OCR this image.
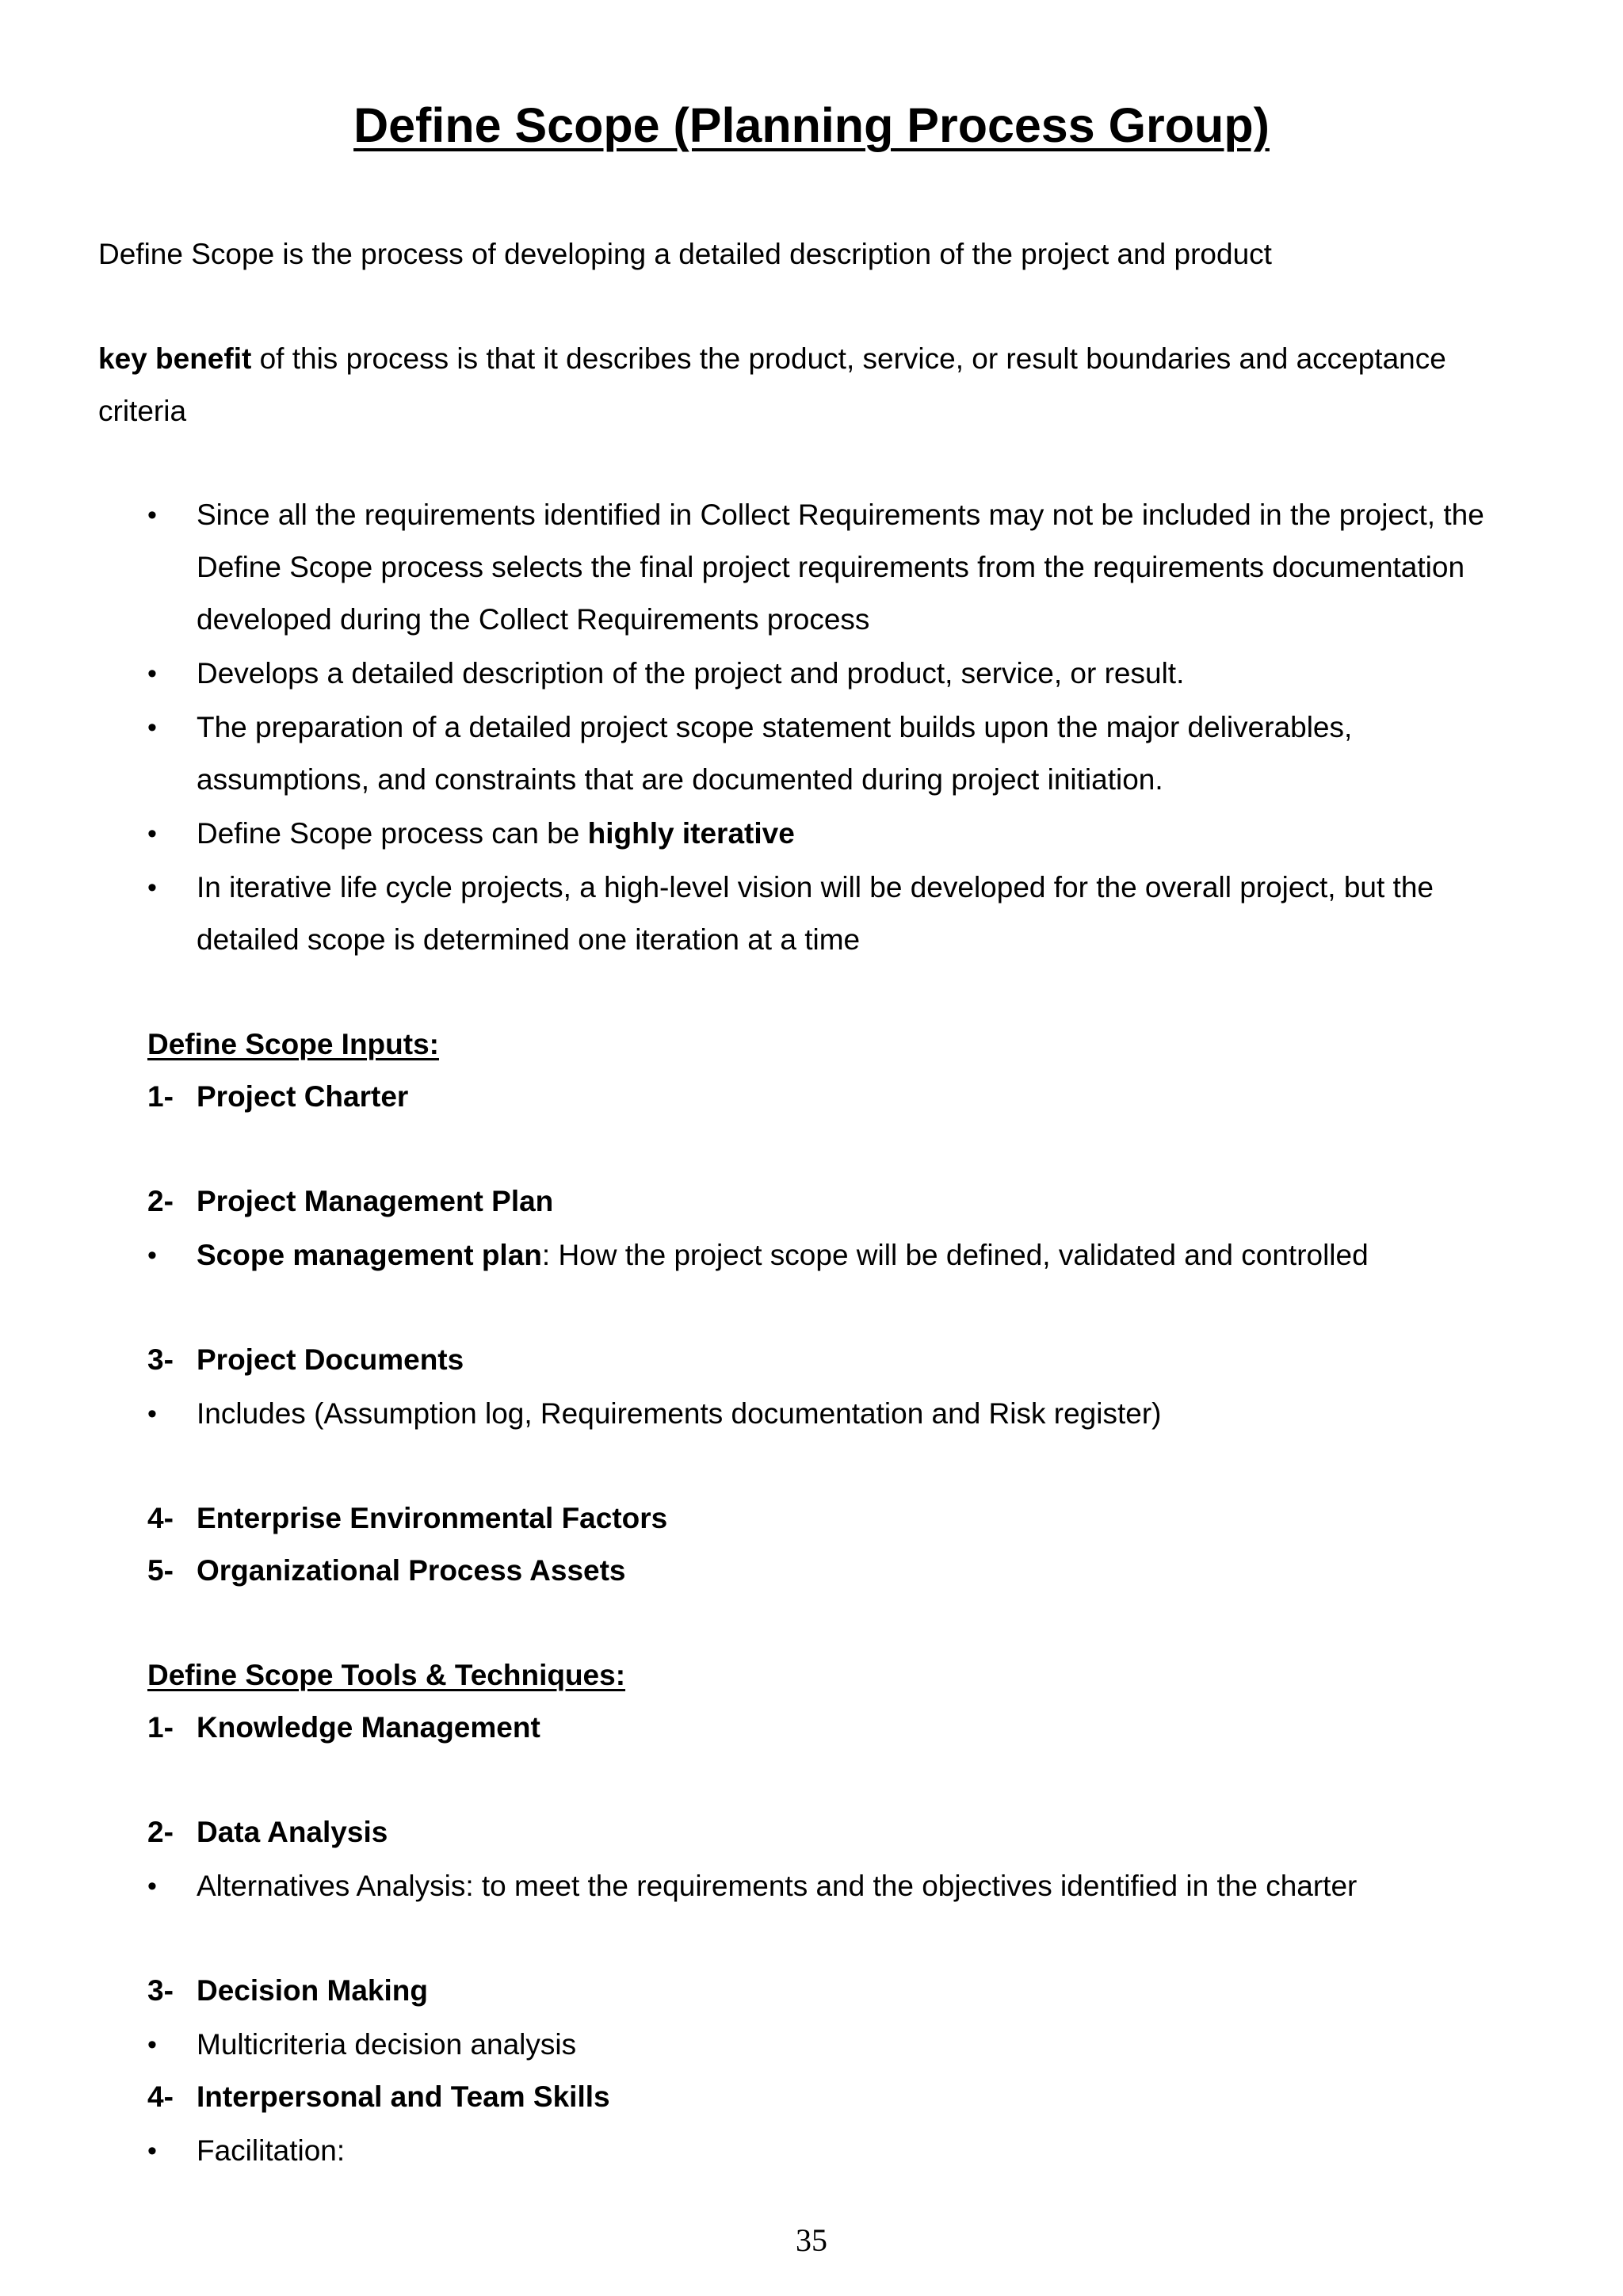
Define Scope (Planning Process Group)
Define Scope is the process of developing a detailed description of the project and product
key benefit of this process is that it describes the product, service, or result boundaries and acceptance
criteria
•	Since all the requirements identified in Collect Requirements may not be included in the project, the
Define Scope process selects the final project requirements from the requirements documentation
developed during the Collect Requirements process
•	Develops a detailed description of the project and product, service, or result.
•	The preparation of a detailed project scope statement builds upon the major deliverables,
assumptions, and constraints that are documented during project initiation.
•	Define Scope process can be highly iterative
•	In iterative life cycle projects, a high-level vision will be developed for the overall project, but the
detailed scope is determined one iteration at a time
Define Scope Inputs:
1- Project Charter
2- Project Management Plan
•	Scope management plan: How the project scope will be defined, validated and controlled
3- Project Documents
•	Includes (Assumption log, Requirements documentation and Risk register)
4- Enterprise Environmental Factors
5- Organizational Process Assets
Define Scope Tools & Techniques:
1- Knowledge Management
2- Data Analysis
•	Alternatives Analysis: to meet the requirements and the objectives identified in the charter
3- Decision Making
•	Multicriteria decision analysis
4- Interpersonal and Team Skills
•	Facilitation:
35
